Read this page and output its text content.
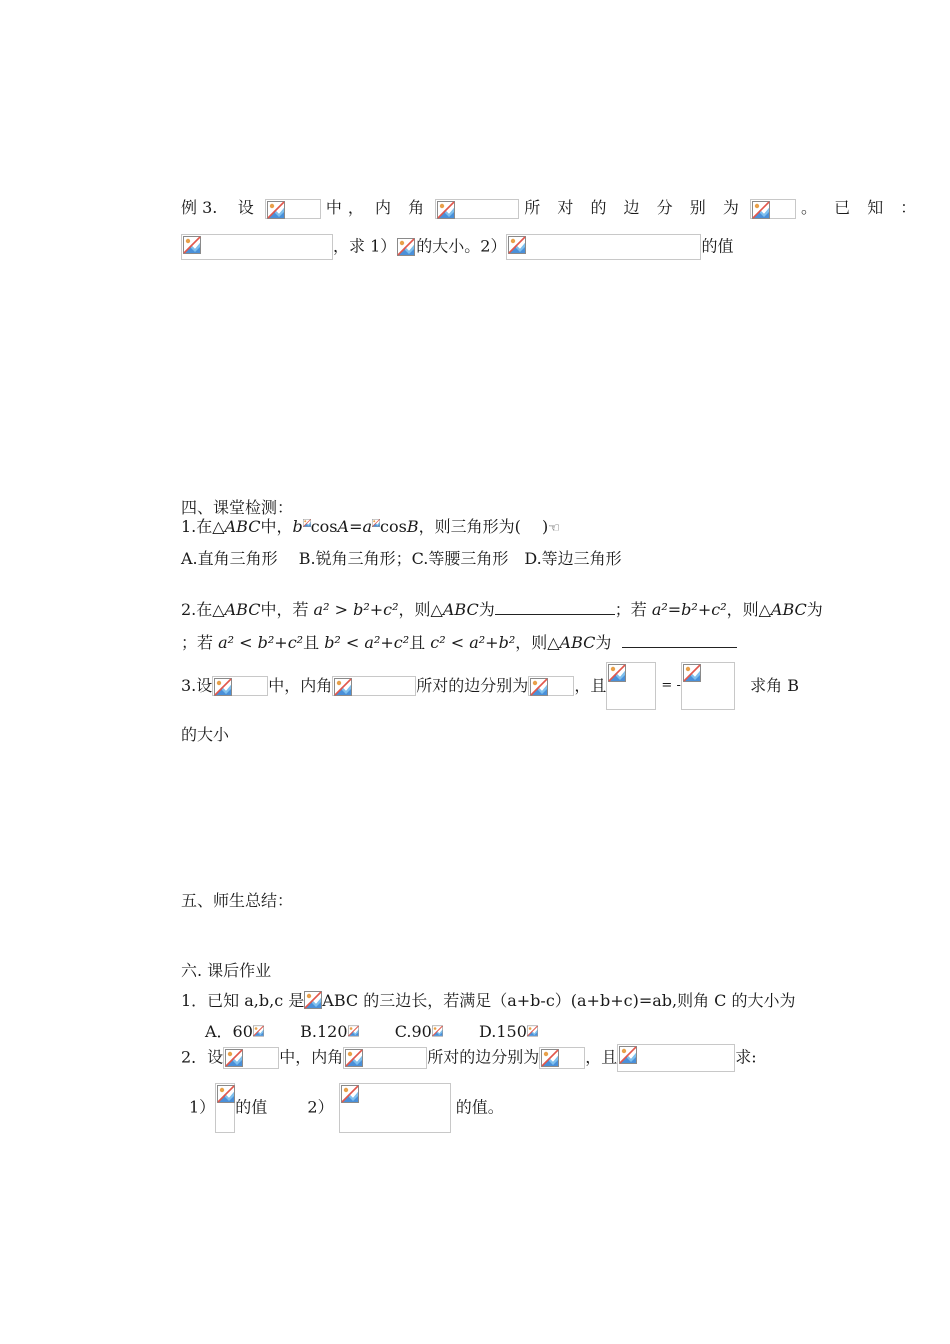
例 3. 设	中， 内 角	所 对 的 边 分 别 为	。 已 知 ：
，求 1） 的大小。2）	的值
四、课堂检测：
1.在△ABC中，b cosA=a cosB，则三角形为(　 )☜
A.直角三角形　 B.锐角三角形；C.等腰三角形　D.等边三角形
2.在△ABC中，若 a² > b²+c²，则△ABC为	；若 a²=b²+c²，则△ABC为
；若 a² < b²+c²且 b² < a²+c²且 c² < a²+b²，则△ABC为
3.设	中，内角	所对的边分别为	，且	= -	求角 B
的大小
五、师生总结：
六. 课后作业
1．已知 a,b,c 是 ABC 的三边长，若满足（a+b-c）(a+b+c)=ab,则角 C 的大小为
A．60	B.120	C.90	D.150
2．设	中，内角	所对的边分别为	，且	求:
1） 的值	2）	的值。
